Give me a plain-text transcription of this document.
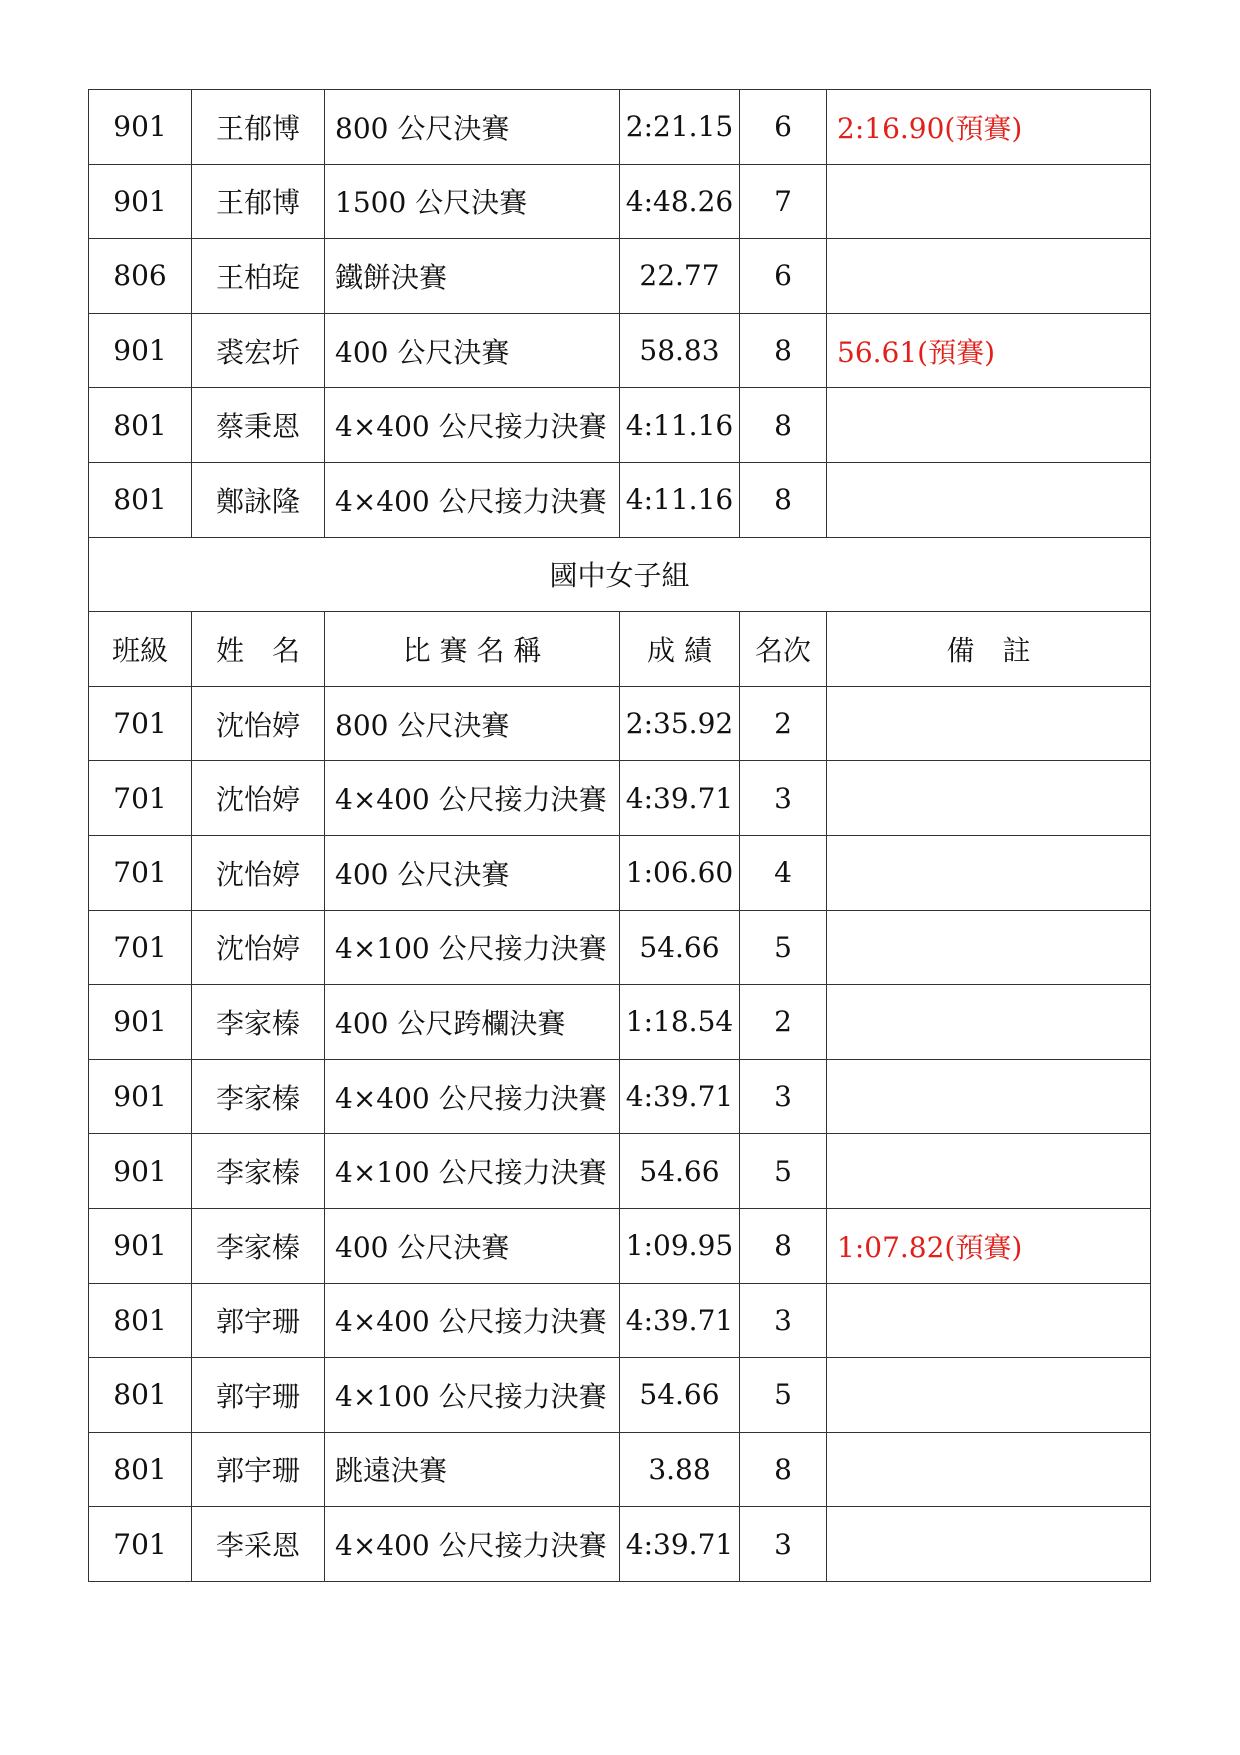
901	王郁博	800 公尺決賽	2:21.15	6	2:16.90(預賽)
901	王郁博	1500 公尺決賽	4:48.26	7	
806	王柏琁	鐵餅決賽	22.77	6	
901	裘宏圻	400 公尺決賽	58.83	8	56.61(預賽)
801	蔡秉恩	4×400 公尺接力決賽	4:11.16	8	
801	鄭詠隆	4×400 公尺接力決賽	4:11.16	8	
國中女子組					
班級	姓　名	比 賽 名 稱	成 績	名次	備　註
701	沈怡婷	800 公尺決賽	2:35.92	2	
701	沈怡婷	4×400 公尺接力決賽	4:39.71	3	
701	沈怡婷	400 公尺決賽	1:06.60	4	
701	沈怡婷	4×100 公尺接力決賽	54.66	5	
901	李家榛	400 公尺跨欄決賽	1:18.54	2	
901	李家榛	4×400 公尺接力決賽	4:39.71	3	
901	李家榛	4×100 公尺接力決賽	54.66	5	
901	李家榛	400 公尺決賽	1:09.95	8	1:07.82(預賽)
801	郭宇珊	4×400 公尺接力決賽	4:39.71	3	
801	郭宇珊	4×100 公尺接力決賽	54.66	5	
801	郭宇珊	跳遠決賽	3.88	8	
701	李采恩	4×400 公尺接力決賽	4:39.71	3	
